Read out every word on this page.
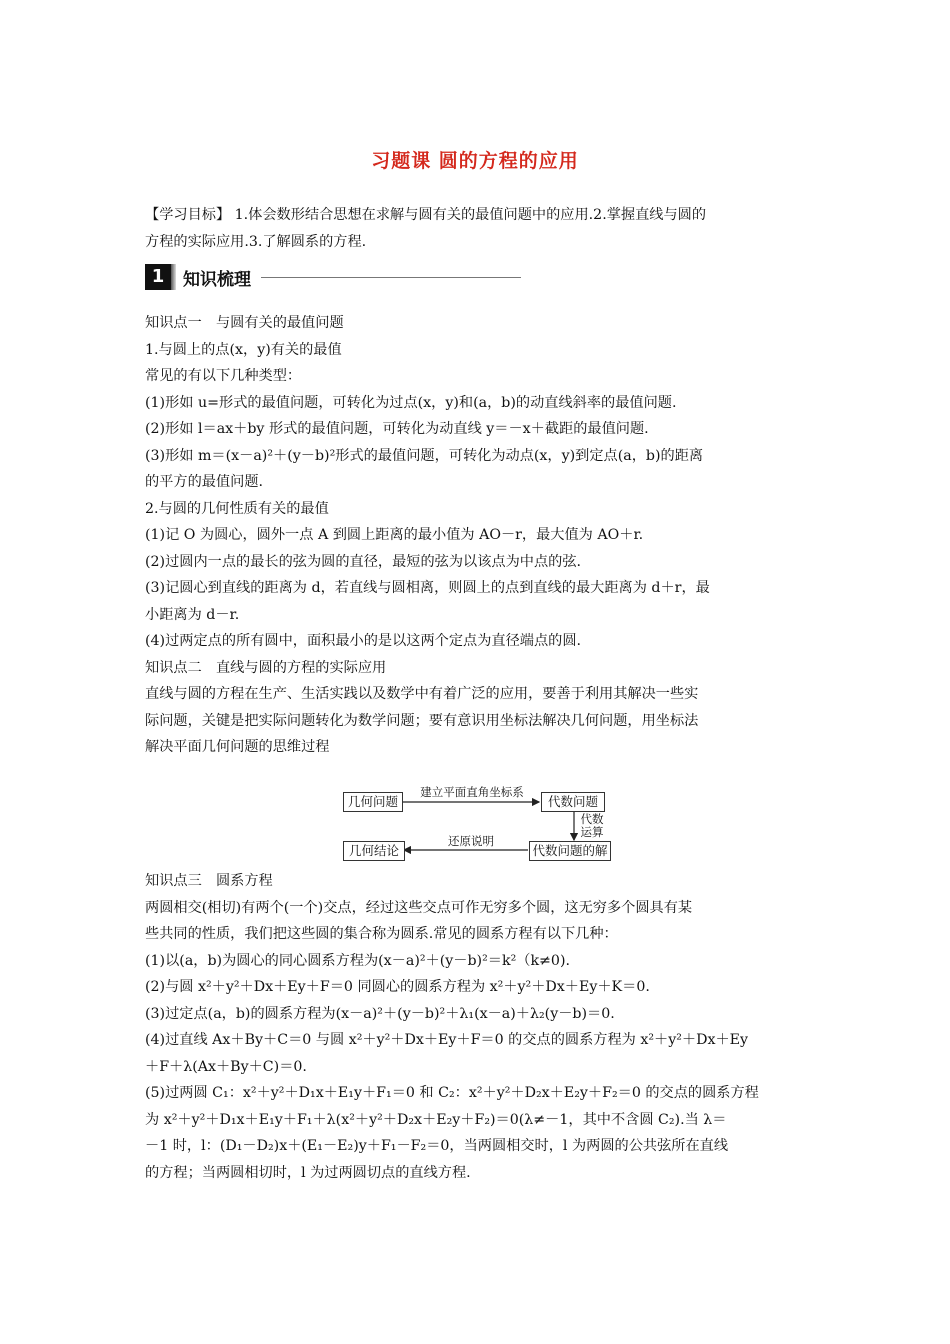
习题课 圆的方程的应用

【学习目标】 1.体会数形结合思想在求解与圆有关的最值问题中的应用.2.掌握直线与圆的

方程的实际应用.3.了解圆系的方程.

1	知识梳理

知识点一　与圆有关的最值问题

1.与圆上的点(x，y)有关的最值

常见的有以下几种类型：

(1)形如 u=形式的最值问题，可转化为过点(x，y)和(a，b)的动直线斜率的最值问题.

(2)形如 l＝ax＋by 形式的最值问题，可转化为动直线 y＝－x＋截距的最值问题.

(3)形如 m＝(x－a)²＋(y－b)²形式的最值问题，可转化为动点(x，y)到定点(a，b)的距离

的平方的最值问题.

2.与圆的几何性质有关的最值

(1)记 O 为圆心，圆外一点 A 到圆上距离的最小值为 AO－r，最大值为 AO＋r.

(2)过圆内一点的最长的弦为圆的直径，最短的弦为以该点为中点的弦.

(3)记圆心到直线的距离为 d，若直线与圆相离，则圆上的点到直线的最大距离为 d＋r，最

小距离为 d－r.

(4)过两定点的所有圆中，面积最小的是以这两个定点为直径端点的圆.

知识点二　直线与圆的方程的实际应用

直线与圆的方程在生产、生活实践以及数学中有着广泛的应用，要善于利用其解决一些实

际问题，关键是把实际问题转化为数学问题；要有意识用坐标法解决几何问题，用坐标法

解决平面几何问题的思维过程

几何问题	代数问题
代数问题的解
几何结论
建立平面直角坐标系
代数
运算
还原说明

知识点三　圆系方程

两圆相交(相切)有两个(一个)交点，经过这些交点可作无穷多个圆，这无穷多个圆具有某

些共同的性质，我们把这些圆的集合称为圆系.常见的圆系方程有以下几种：

(1)以(a，b)为圆心的同心圆系方程为(x－a)²＋(y－b)²＝k²（k≠0).

(2)与圆 x²＋y²＋Dx＋Ey＋F＝0 同圆心的圆系方程为 x²＋y²＋Dx＋Ey＋K＝0.

(3)过定点(a，b)的圆系方程为(x－a)²＋(y－b)²＋λ₁(x－a)＋λ₂(y－b)＝0.

(4)过直线 Ax＋By＋C＝0 与圆 x²＋y²＋Dx＋Ey＋F＝0 的交点的圆系方程为 x²＋y²＋Dx＋Ey

＋F＋λ(Ax＋By＋C)＝0.

(5)过两圆 C₁：x²＋y²＋D₁x＋E₁y＋F₁＝0 和 C₂：x²＋y²＋D₂x＋E₂y＋F₂＝0 的交点的圆系方程

为 x²＋y²＋D₁x＋E₁y＋F₁＋λ(x²＋y²＋D₂x＋E₂y＋F₂)＝0(λ≠－1，其中不含圆 C₂).当 λ＝

－1 时，l：(D₁－D₂)x＋(E₁－E₂)y＋F₁－F₂＝0，当两圆相交时，l 为两圆的公共弦所在直线

的方程；当两圆相切时，l 为过两圆切点的直线方程.
